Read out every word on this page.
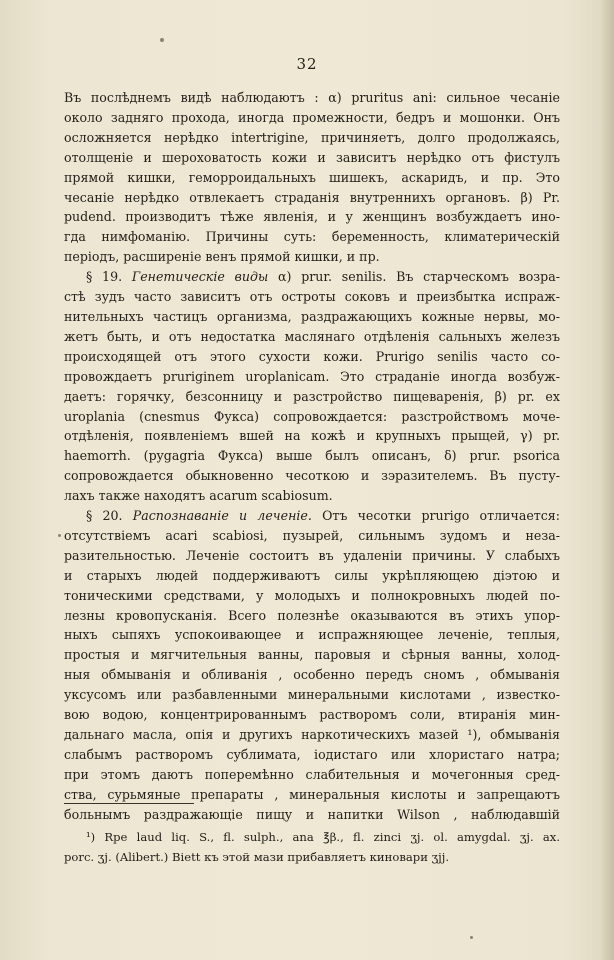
32
Въ послѣднемъ видѣ наблюдаютъ : α) pruritus ani: сильное чесаніе
около задняго прохода, иногда промежности, бедръ и мошонки. Онъ
осложняется нерѣдко intertrigine, причиняетъ, долго продолжаясь,
отолщеніе и шероховатость кожи и зависитъ нерѣдко отъ фистулъ
прямой кишки, геморроидальныхъ шишекъ, аскаридъ, и пр. Это
чесаніе нерѣдко отвлекаетъ страданія внутреннихъ органовъ. β) Pr.
pudend. производитъ тѣже явленія, и у женщинъ возбуждаетъ ино-
гда нимфоманію. Причины суть: беременность, климатерическій
періодъ, расширеніе венъ прямой кишки, и пр.
§ 19. Генетическіе виды α) prur. senilis. Въ старческомъ возра-
стѣ зудъ часто зависитъ отъ остроты соковъ и преизбытка испраж-
нительныхъ частицъ организма, раздражающихъ кожные нервы, мо-
жетъ быть, и отъ недостатка маслянаго отдѣленія сальныхъ железъ
происходящей отъ этого сухости кожи. Prurigo senilis часто со-
провождаетъ pruriginem uroplanicam. Это страданіе иногда возбуж-
даетъ: горячку, безсонницу и разстройство пищеваренія, β) pr. ex
uroplania (cnesmus Фукса) сопровождается: разстройствомъ моче-
отдѣленія, появленіемъ вшей на кожѣ и крупныхъ прыщей, γ) pr.
haemorrh. (pygagria Фукса) выше былъ описанъ, δ) prur. psorica
сопровождается обыкновенно чесоткою и зэразителемъ. Въ пусту-
лахъ также находятъ acarum scabiosum.
§ 20. Распознаваніе и леченіе. Отъ чесотки prurigo отличается:
отсутствіемъ acari scabiosi, пузырей, сильнымъ зудомъ и неза-
разительностью. Леченіе состоитъ въ удаленіи причины. У слабыхъ
и старыхъ людей поддерживаютъ силы укрѣпляющею діэтою и
тоническими средствами, у молодыхъ и полнокровныхъ людей по-
лезны кровопусканія. Всего полезнѣе оказываются въ этихъ упор-
ныхъ сыпяхъ успокоивающее и испражняющее леченіе, теплыя,
простыя и мягчительныя ванны, паровыя и сѣрныя ванны, холод-
ныя обмыванія и обливанія , особенно передъ сномъ , обмыванія
уксусомъ или разбавленными минеральными кислотами , известко-
вою водою, концентрированнымъ растворомъ соли, втиранія мин-
дальнаго масла, опія и другихъ наркотическихъ мазей ¹), обмыванія
слабымъ растворомъ сублимата, іодистаго или хлористаго натра;
при этомъ даютъ поперемѣнно слабительныя и мочегонныя сред-
ства, сурьмяные препараты , минеральныя кислоты и запрещаютъ
больнымъ раздражающіе пищу и напитки Wilson , наблюдавшій
¹) Rpe laud liq. S., fl. sulph., ana ℥β., fl. zinci ʒj. ol. amygdal. ʒj. ax.
porc. ʒj. (Alibert.) Biett къ этой мази прибавляетъ киновари ʒjj.
